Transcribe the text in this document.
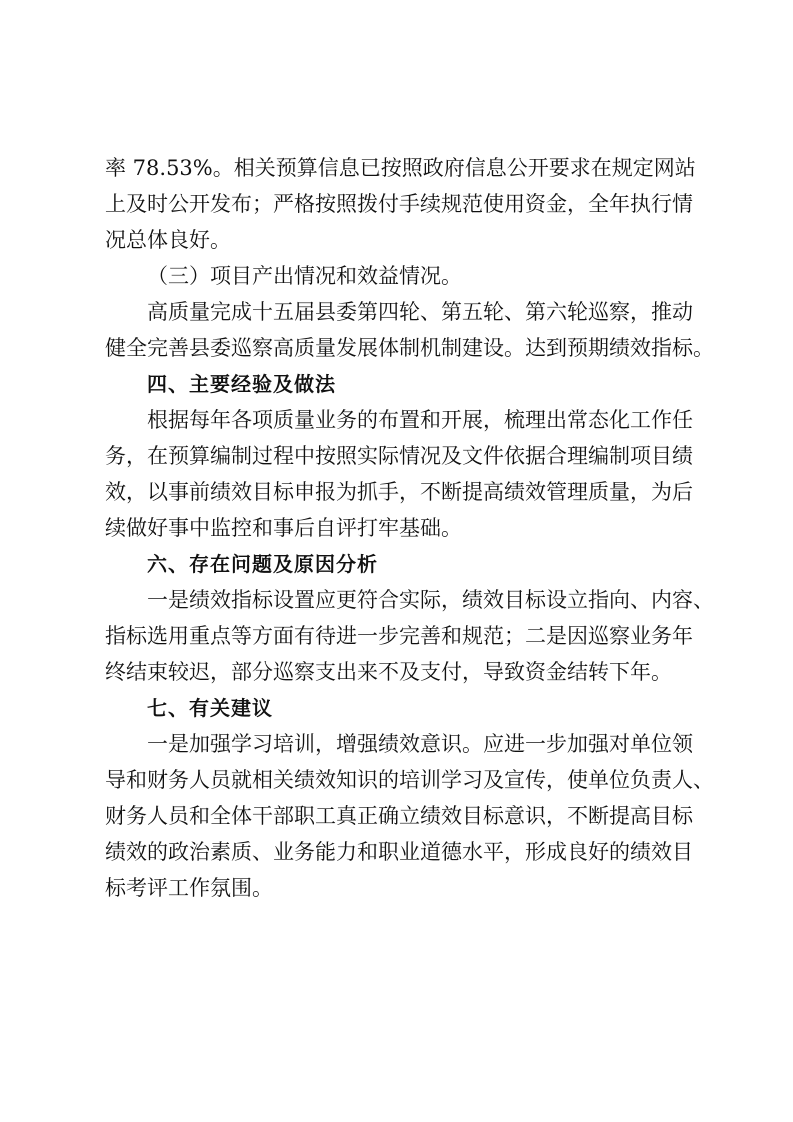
率 78.53%。相关预算信息已按照政府信息公开要求在规定网站
上及时公开发布；严格按照拨付手续规范使用资金，全年执行情
况总体良好。

（三）项目产出情况和效益情况。

高质量完成十五届县委第四轮、第五轮、第六轮巡察，推动
健全完善县委巡察高质量发展体制机制建设。达到预期绩效指标。

四、主要经验及做法

根据每年各项质量业务的布置和开展，梳理出常态化工作任
务，在预算编制过程中按照实际情况及文件依据合理编制项目绩
效，以事前绩效目标申报为抓手，不断提高绩效管理质量，为后
续做好事中监控和事后自评打牢基础。

六、存在问题及原因分析

一是绩效指标设置应更符合实际，绩效目标设立指向、内容、
指标选用重点等方面有待进一步完善和规范；二是因巡察业务年
终结束较迟，部分巡察支出来不及支付，导致资金结转下年。

七、有关建议

一是加强学习培训，增强绩效意识。应进一步加强对单位领
导和财务人员就相关绩效知识的培训学习及宣传，使单位负责人、
财务人员和全体干部职工真正确立绩效目标意识，不断提高目标
绩效的政治素质、业务能力和职业道德水平，形成良好的绩效目
标考评工作氛围。
